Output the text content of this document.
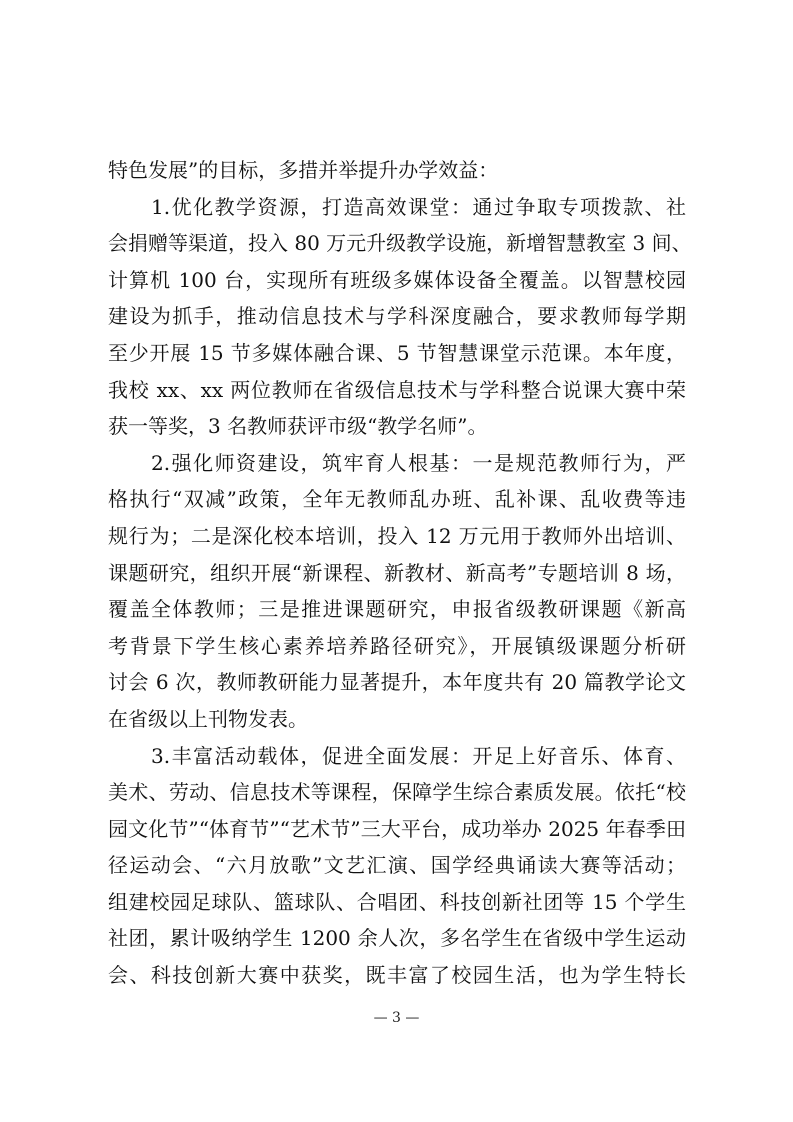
特色发展”的目标，多措并举提升办学效益：
　　1.优化教学资源，打造高效课堂：通过争取专项拨款、社
会捐赠等渠道，投入 80 万元升级教学设施，新增智慧教室 3 间、
计算机 100 台，实现所有班级多媒体设备全覆盖。以智慧校园
建设为抓手，推动信息技术与学科深度融合，要求教师每学期
至少开展 15 节多媒体融合课、5 节智慧课堂示范课。本年度，
我校 xx、xx 两位教师在省级信息技术与学科整合说课大赛中荣
获一等奖，3 名教师获评市级“教学名师”。
　　2.强化师资建设，筑牢育人根基：一是规范教师行为，严
格执行“双减”政策，全年无教师乱办班、乱补课、乱收费等违
规行为；二是深化校本培训，投入 12 万元用于教师外出培训、
课题研究，组织开展“新课程、新教材、新高考”专题培训 8 场，
覆盖全体教师；三是推进课题研究，申报省级教研课题《新高
考背景下学生核心素养培养路径研究》，开展镇级课题分析研
讨会 6 次，教师教研能力显著提升，本年度共有 20 篇教学论文
在省级以上刊物发表。
　　3.丰富活动载体，促进全面发展：开足上好音乐、体育、
美术、劳动、信息技术等课程，保障学生综合素质发展。依托“校
园文化节”“体育节”“艺术节”三大平台，成功举办 2025 年春季田
径运动会、“六月放歌”文艺汇演、国学经典诵读大赛等活动；
组建校园足球队、篮球队、合唱团、科技创新社团等 15 个学生
社团，累计吸纳学生 1200 余人次，多名学生在省级中学生运动
会、科技创新大赛中获奖，既丰富了校园生活，也为学生特长
— 3 —
